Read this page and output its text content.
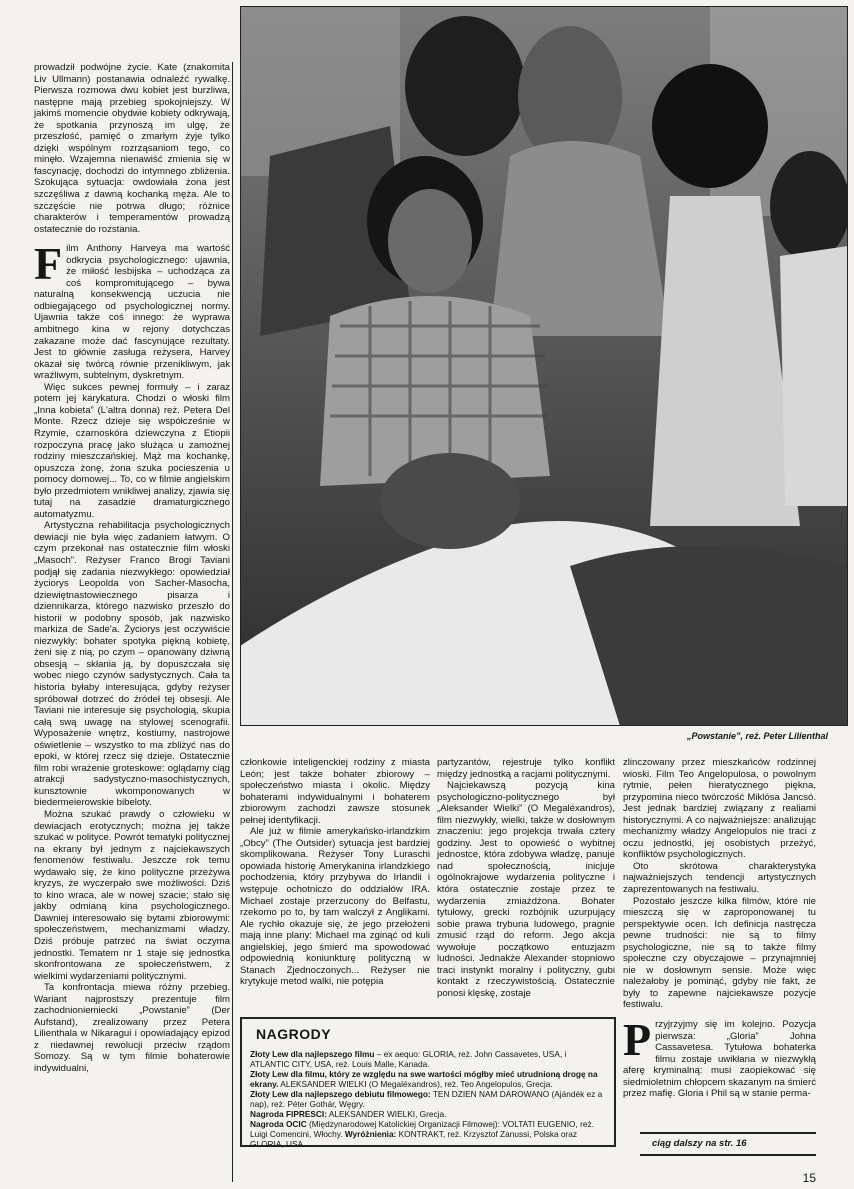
prowadził podwójne życie. Kate (znakomita Liv Ullmann) postanawia odnaleźć rywalkę. Pierwsza rozmowa dwu kobiet jest burzliwa, następne mają przebieg spokojniejszy. W jakimś momencie obydwie kobiety odkrywają, że spotkania przynoszą im ulgę, że przeszłość, pamięć o zmarłym żyje tylko dzięki wspólnym rozrząsaniom tego, co minęło. Wzajemna nienawiść zmienia się w fascynację, dochodzi do intymnego zbliżenia. Szokująca sytuacja: owdowiała żona jest szczęśliwa z dawną kochanką męża. Ale to szczęście nie potrwa długo; różnice charakterów i temperamentów prowadzą ostatecznie do rozstania.

Film Anthony Harveya ma wartość odkrycia psychologicznego: ujawnia, że miłość lesbijska – uchodząca za coś kompromitującego – bywa naturalną konsekwencją uczucia nie odbiegającego od psychologicznej normy. Ujawnia także coś innego: że wyprawa ambitnego kina w rejony dotychczas zakazane może dać fascynujące rezultaty. Jest to głównie zasługa reżysera, Harvey okazał się twórcą równie przenikliwym, jak wrażliwym, subtelnym, dyskretnym.

Więc sukces pewnej formuły – i zaraz potem jej karykatura. Chodzi o włoski film „Inna kobieta” (L'altra donna) reż. Petera Del Monte. Rzecz dzieje się współcześnie w Rzymie, czarnoskóra dziewczyna z Etiopii rozpoczyna pracę jako służąca u zamożnej rodziny mieszczańskiej. Mąż ma kochankę, opuszcza żonę, żona szuka pocieszenia u pomocy domowej... To, co w filmie angielskim było przedmiotem wnikliwej analizy, zjawia się tutaj na zasadzie dramaturgicznego automatyzmu.

Artystyczna rehabilitacja psychologicznych dewiacji nie była więc zadaniem łatwym. O czym przekonał nas ostatecznie film włoski „Masoch”. Reżyser Franco Brogi Taviani podjął się zadania niezwykłego: opowiedział życiorys Leopolda von Sacher-Masocha, dziewiętnastowiecznego pisarza i dziennikarza, którego nazwisko przeszło do historii w podobny sposób, jak nazwisko markiza de Sade'a. Życiorys jest oczywiście niezwykły: bohater spotyka piękną kobietę, żeni się z nią, po czym – opanowany dziwną obsesją – skłania ją, by dopuszczała się wobec niego czynów sadystycznych. Cała ta historia byłaby interesująca, gdyby reżyser spróbował dotrzeć do źródeł tej obsesji. Ale Taviani nie interesuje się psychologią, skupia całą swą uwagę na stylowej scenografii. Wyposażenie wnętrz, kostiumy, nastrojowe oświetlenie – wszystko to ma zbliżyć nas do epoki, w której rzecz się dzieje. Ostatecznie film robi wrażenie groteskowe: oglądamy ciąg atrakcji sadystyczno-masochistycznych, kunsztownie wkomponowanych w biedermeierowskie bibeloty.

Można szukać prawdy o człowieku w dewiacjach erotycznych; można jej także szukać w polityce. Powrót tematyki politycznej na ekrany był jednym z najciekawszych fenomenów festiwalu. Jeszcze rok temu wydawało się, że kino polityczne przeżywa kryzys, że wyczerpało swe możliwości. Dziś to kino wraca, ale w nowej szacie; stało się jakby odmianą kina psychologicznego. Dawniej interesowało się bytami zbiorowymi: społeczeństwem, mechanizmami władzy. Dziś próbuje patrzeć na świat oczyma jednostki. Tematem nr 1 staje się jednostka skonfrontowana ze społeczeństwem, z wielkimi wydarzeniami politycznymi.

Ta konfrontacja miewa różny przebieg. Wariant najprostszy prezentuje film zachodnioniemiecki „Powstanie” (Der Aufstand), zrealizowany przez Petera Lilienthala w Nikaragui i opowiadający epizod z niedawnej rewolucji przeciw rządom Somozy. Są w tym filmie bohaterowie indywidualni,

„Powstanie”, reż. Peter Lilienthal

członkowie inteligenckiej rodziny z miasta León; jest także bohater zbiorowy – społeczeństwo miasta i okolic. Między bohaterami indywidualnymi i bohaterem zbiorowym zachodzi zawsze stosunek pełnej identyfikacji.

Ale już w filmie amerykańsko-irlandzkim „Obcy” (The Outsider) sytuacja jest bardziej skomplikowana. Reżyser Tony Luraschi opowiada historię Amerykanina irlandzkiego pochodzenia, który przybywa do Irlandii i wstępuje ochotniczo do oddziałów IRA. Michael zostaje przerzucony do Belfastu, rzekomo po to, by tam walczył z Anglikami. Ale rychło okazuje się, że jego przełożeni mają inne plany: Michael ma zginąć od kuli angielskiej, jego śmierć ma spowodować odpowiednią koniunkturę polityczną w Stanach Zjednoczonych... Reżyser nie krytykuje metod walki, nie potępia

partyzantów, rejestruje tylko konflikt między jednostką a racjami politycznymi.

Najciekawszą pozycją kina psychologiczno-politycznego był „Aleksander Wielki” (O Megaléxandros), film niezwykły, wielki, także w dosłownym znaczeniu: jego projekcja trwała cztery godziny. Jest to opowieść o wybitnej jednostce, która zdobywa władzę, panuje nad społecznością, inicjuje ogólnokrajowe wydarzenia polityczne i która ostatecznie zostaje przez te wydarzenia zmiażdżona. Bohater tytułowy, grecki rozbójnik uzurpujący sobie prawa trybuna ludowego, pragnie zmusić rząd do reform. Jego akcja wywołuje początkowo entuzjazm ludności. Jednakże Alexander stopniowo traci instynkt moralny i polityczny, gubi kontakt z rzeczywistością. Ostatecznie ponosi klęskę, zostaje

zlinczowany przez mieszkańców rodzinnej wioski. Film Teo Angelopulosa, o powolnym rytmie, pełen hieratycznego piękna, przypomina nieco twórczość Miklósa Jancsó. Jest jednak bardziej związany z realiami historycznymi. A co najważniejsze: analizując mechanizmy władzy Angelopulos nie traci z oczu jednostki, jej osobistych przeżyć, konfliktów psychologicznych.

Oto skrótowa charakterystyka najważniejszych tendencji artystycznych zaprezentowanych na festiwalu.

Pozostało jeszcze kilka filmów, które nie mieszczą się w zaproponowanej tu perspektywie ocen. Ich definicja nastręcza pewne trudności: nie są to filmy psychologiczne, nie są to także filmy społeczne czy obyczajowe – przynajmniej nie w dosłownym sensie. Może więc należałoby je pominąć, gdyby nie fakt, że były to zapewne najciekawsze pozycje festiwalu.

Przyjrzyjmy się im kolejno. Pozycja pierwsza: „Gloria” Johna Cassavetesa. Tytułowa bohaterka filmu zostaje uwikłana w niezwykłą aferę kryminalną: musi zaopiekować się siedmioletnim chłopcem skazanym na śmierć przez mafię. Gloria i Phil są w stanie perma-

ciąg dalszy na str. 16
NAGRODY

Złoty Lew dla najlepszego filmu – ex aequo: GLORIA, reż. John Cassavetes, USA, i ATLANTIC CITY, USA, reż. Louis Malle, Kanada.

Złoty Lew dla filmu, który ze względu na swe wartości mógłby mieć utrudnioną drogę na ekrany. ALEKSANDER WIELKI (O Megaléxandros), reż. Teo Angelopulos, Grecja.

Złoty Lew dla najlepszego debiutu filmowego: TEN DZIEN NAM DAROWANO (Ajándék ez a nap), reż. Péter Gothár, Węgry.

Nagroda FIPRESCI: ALEKSANDER WIELKI, Grecja.

Nagroda OCIC (Międzynarodowej Katolickiej Organizacji Filmowej): VOLTATI EUGENIO, reż. Luigi Comencini, Włochy. Wyróżnienia: KONTRAKT, reż. Krzysztof Zanussi, Polska oraz GLORIA, USA.

15
